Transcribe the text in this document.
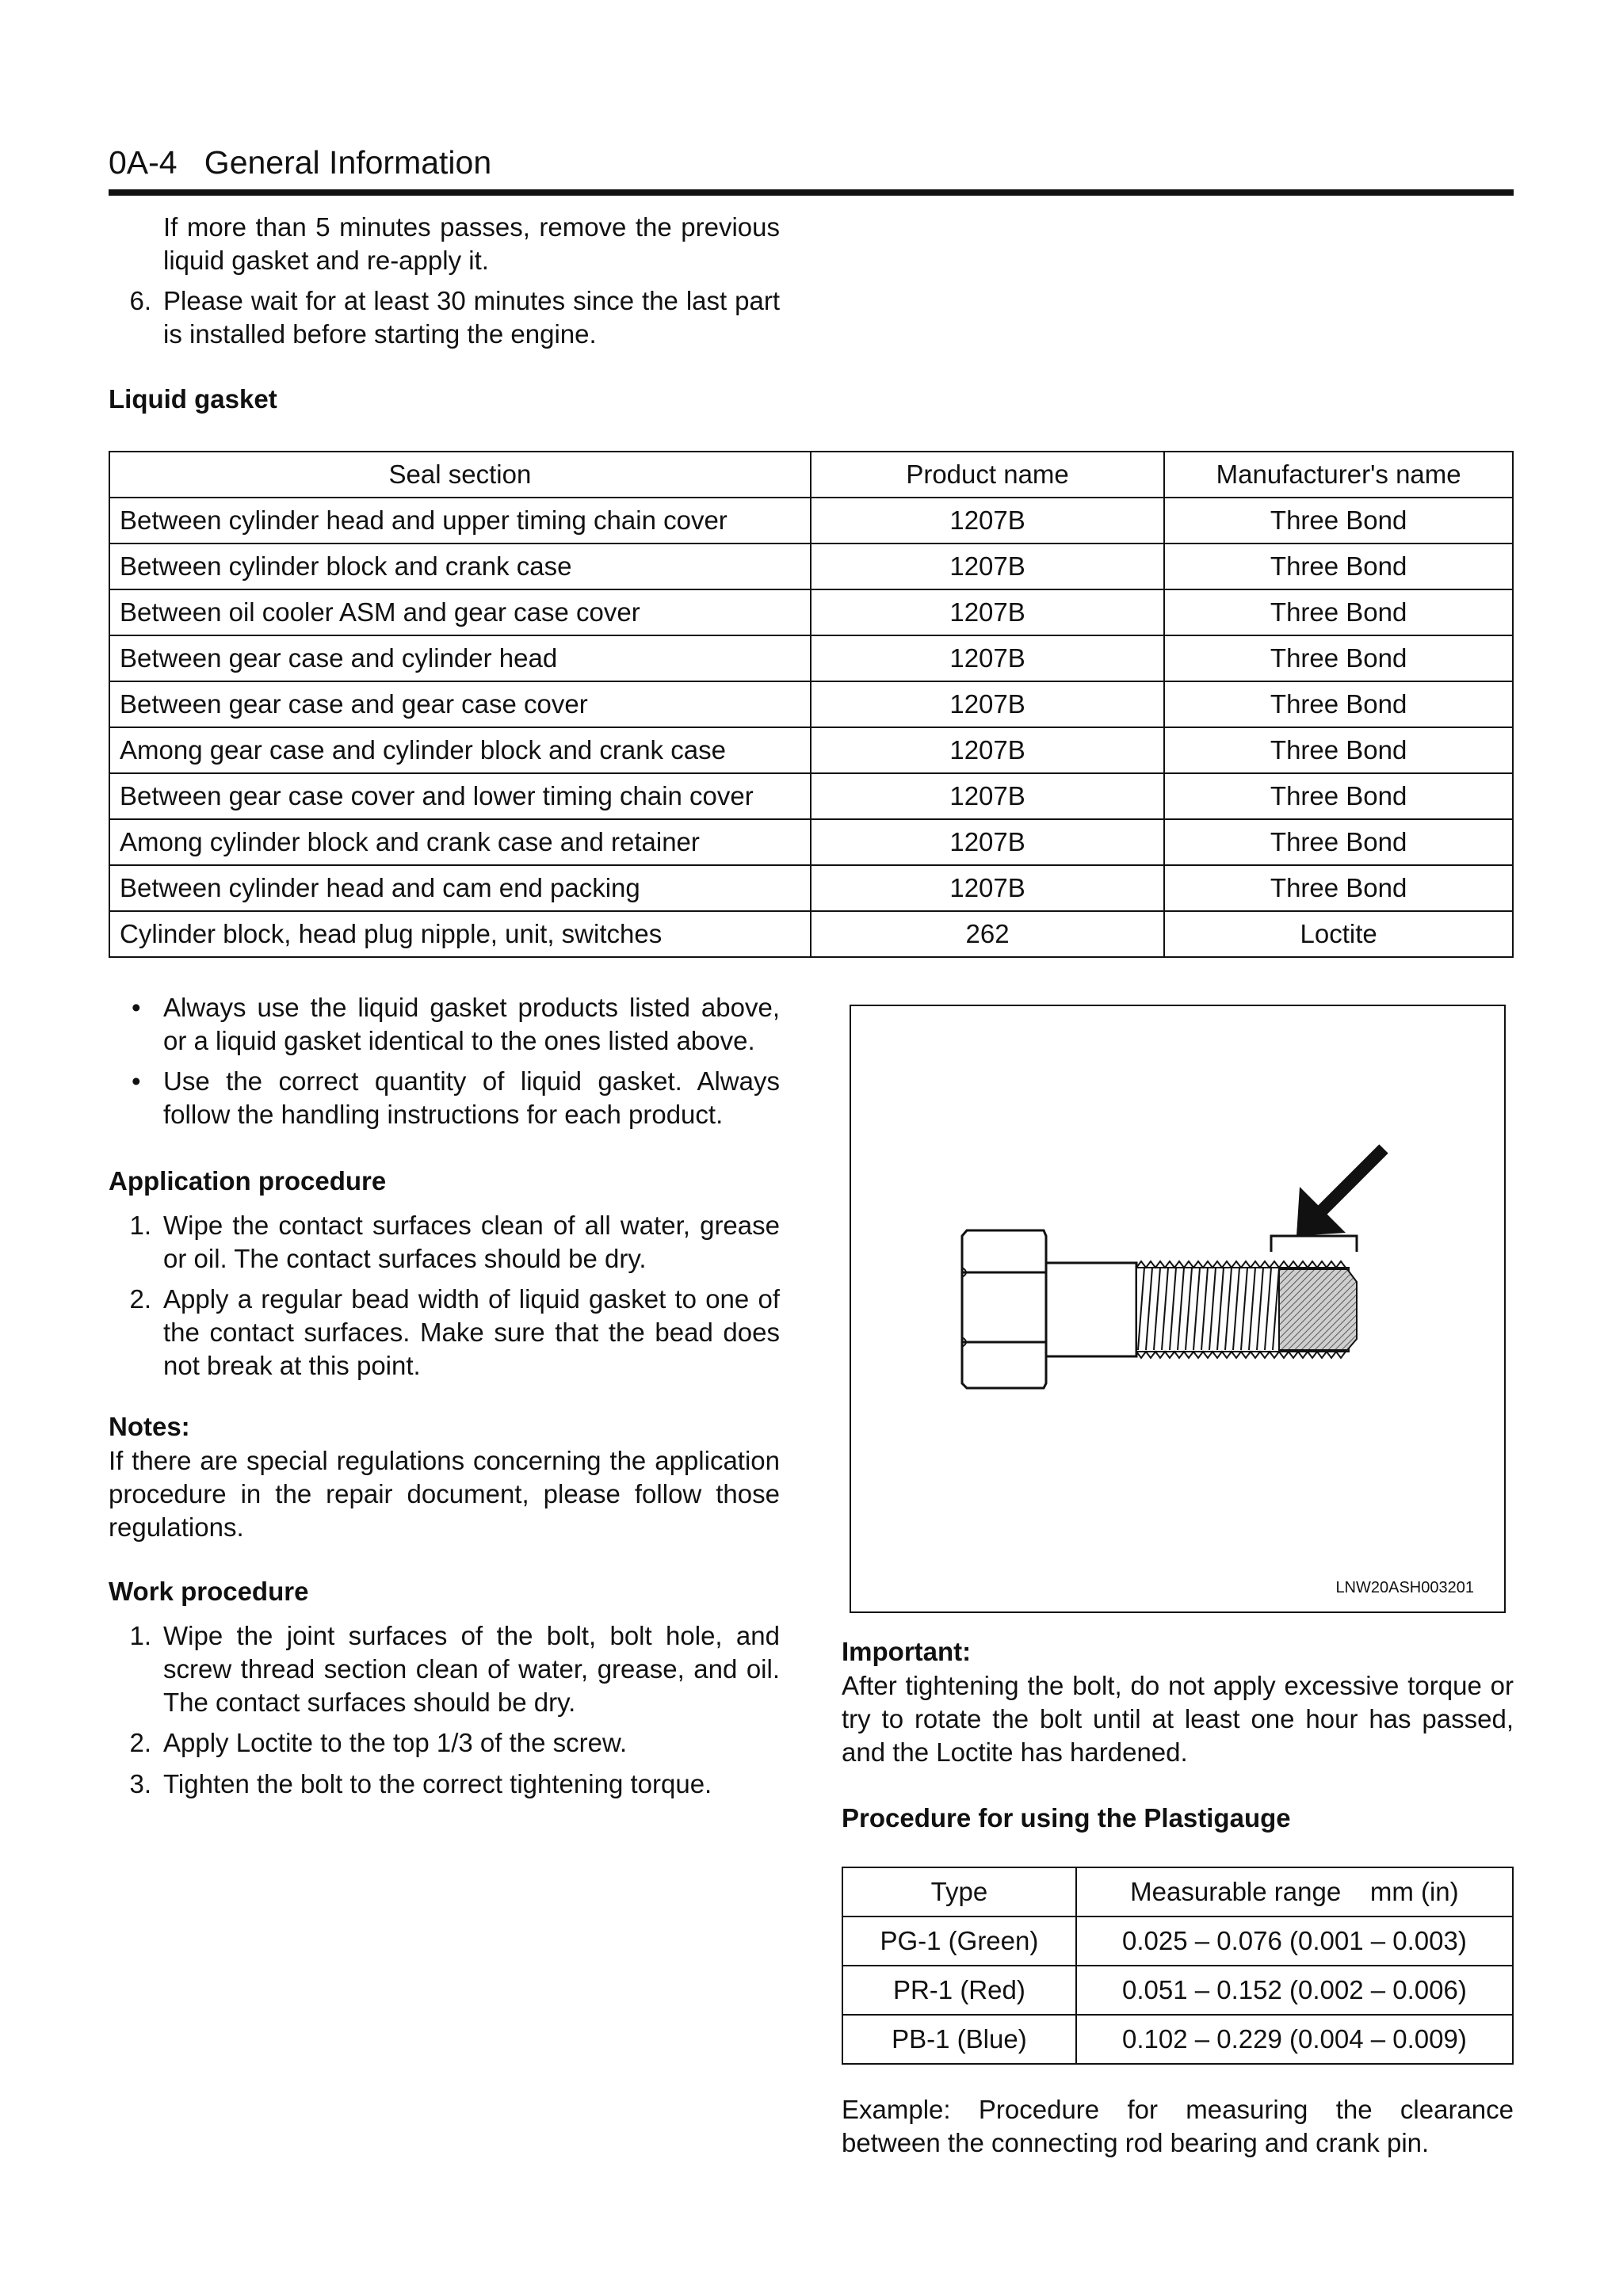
0A-4 General Information
If more than 5 minutes passes, remove the previous liquid gasket and re-apply it.
6. Please wait for at least 30 minutes since the last part is installed before starting the engine.
Liquid gasket
Seal section	Product name	Manufacturer's name
Between cylinder head and upper timing chain cover	1207B	Three Bond
Between cylinder block and crank case	1207B	Three Bond
Between oil cooler ASM and gear case cover	1207B	Three Bond
Between gear case and cylinder head	1207B	Three Bond
Between gear case and gear case cover	1207B	Three Bond
Among gear case and cylinder block and crank case	1207B	Three Bond
Between gear case cover and lower timing chain cover	1207B	Three Bond
Among cylinder block and crank case and retainer	1207B	Three Bond
Between cylinder head and cam end packing	1207B	Three Bond
Cylinder block, head plug nipple, unit, switches	262	Loctite
• Always use the liquid gasket products listed above, or a liquid gasket identical to the ones listed above.
• Use the correct quantity of liquid gasket. Always follow the handling instructions for each product.
Application procedure
1. Wipe the contact surfaces clean of all water, grease or oil. The contact surfaces should be dry.
2. Apply a regular bead width of liquid gasket to one of the contact surfaces. Make sure that the bead does not break at this point.
Notes:
If there are special regulations concerning the application procedure in the repair document, please follow those regulations.
Work procedure
1. Wipe the joint surfaces of the bolt, bolt hole, and screw thread section clean of water, grease, and oil. The contact surfaces should be dry.
2. Apply Loctite to the top 1/3 of the screw.
3. Tighten the bolt to the correct tightening torque.
LNW20ASH003201
Important:
After tightening the bolt, do not apply excessive torque or try to rotate the bolt until at least one hour has passed, and the Loctite has hardened.
Procedure for using the Plastigauge
Type	Measurable range    mm (in)
PG-1 (Green)	0.025 – 0.076 (0.001 – 0.003)
PR-1 (Red)	0.051 – 0.152 (0.002 – 0.006)
PB-1 (Blue)	0.102 – 0.229 (0.004 – 0.009)
Example: Procedure for measuring the clearance between the connecting rod bearing and crank pin.
